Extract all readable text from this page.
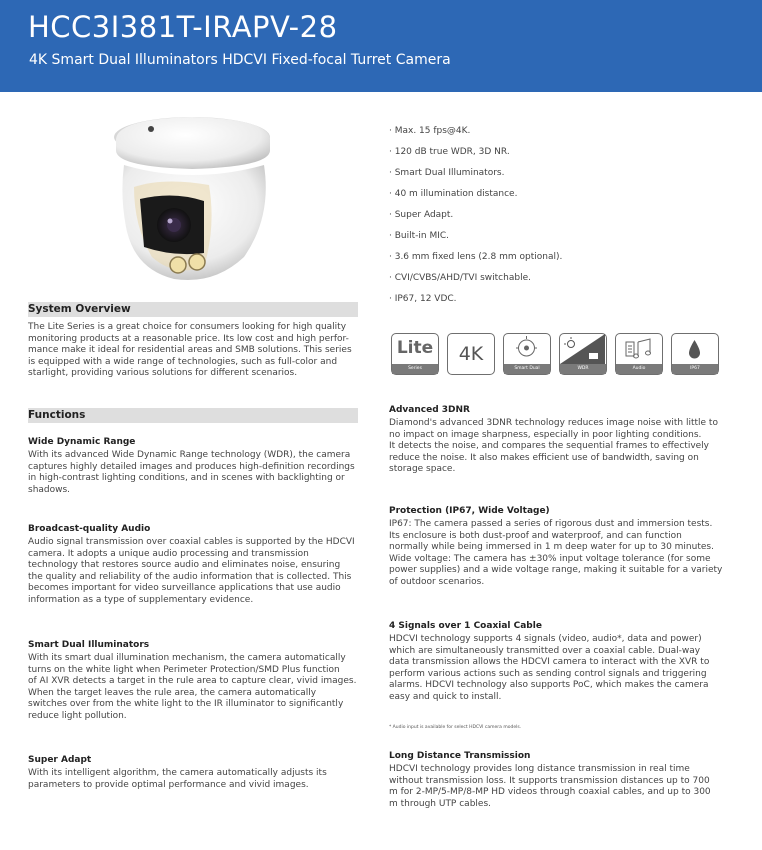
HCC3I381T-IRAPV-28
4K Smart Dual Illuminators HDCVI Fixed-focal Turret Camera
· Max. 15 fps@4K.
· 120 dB true WDR, 3D NR.
· Smart Dual Illuminators.
· 40 m illumination distance.
· Super Adapt.
· Built-in MIC.
· 3.6 mm fixed lens (2.8 mm optional).
· CVI/CVBS/AHD/TVI switchable.
· IP67, 12 VDC.
Lite
Series
4K
Smart Dual Illuminators
WDR	Audio	IP67
System Overview
The Lite Series is a great choice for consumers looking for high quality
monitoring products at a reasonable price. Its low cost and high perfor-
mance make it ideal for residential areas and SMB solutions. This series
is equipped with a wide range of technologies, such as full-color and
starlight, providing various solutions for different scenarios.
Functions
Wide Dynamic Range
With its advanced Wide Dynamic Range technology (WDR), the camera
captures highly detailed images and produces high-definition recordings
in high-contrast lighting conditions, and in scenes with backlighting or
shadows.
Broadcast-quality Audio
Audio signal transmission over coaxial cables is supported by the HDCVI
camera. It adopts a unique audio processing and transmission
technology that restores source audio and eliminates noise, ensuring
the quality and reliability of the audio information that is collected. This
becomes important for video surveillance applications that use audio
information as a type of supplementary evidence.
Smart Dual Illuminators
With its smart dual illumination mechanism, the camera automatically
turns on the white light when Perimeter Protection/SMD Plus function
of AI XVR detects a target in the rule area to capture clear, vivid images.
When the target leaves the rule area, the camera automatically
switches over from the white light to the IR illuminator to significantly
reduce light pollution.
Super Adapt
With its intelligent algorithm, the camera automatically adjusts its
parameters to provide optimal performance and vivid images.
Advanced 3DNR
Diamond's advanced 3DNR technology reduces image noise with little to
no impact on image sharpness, especially in poor lighting conditions.
It detects the noise, and compares the sequential frames to effectively
reduce the noise. It also makes efficient use of bandwidth, saving on
storage space.
Protection (IP67, Wide Voltage)
IP67: The camera passed a series of rigorous dust and immersion tests.
Its enclosure is both dust-proof and waterproof, and can function
normally while being immersed in 1 m deep water for up to 30 minutes.
Wide voltage: The camera has ±30% input voltage tolerance (for some
power supplies) and a wide voltage range, making it suitable for a variety
of outdoor scenarios.
4 Signals over 1 Coaxial Cable
HDCVI technology supports 4 signals (video, audio*, data and power)
which are simultaneously transmitted over a coaxial cable. Dual-way
data transmission allows the HDCVI camera to interact with the XVR to
perform various actions such as sending control signals and triggering
alarms. HDCVI technology also supports PoC, which makes the camera
easy and quick to install.
* Audio input is available for select HDCVI camera models.
Long Distance Transmission
HDCVI technology provides long distance transmission in real time
without transmission loss. It supports transmission distances up to 700
m for 2-MP/5-MP/8-MP HD videos through coaxial cables, and up to 300
m through UTP cables.
